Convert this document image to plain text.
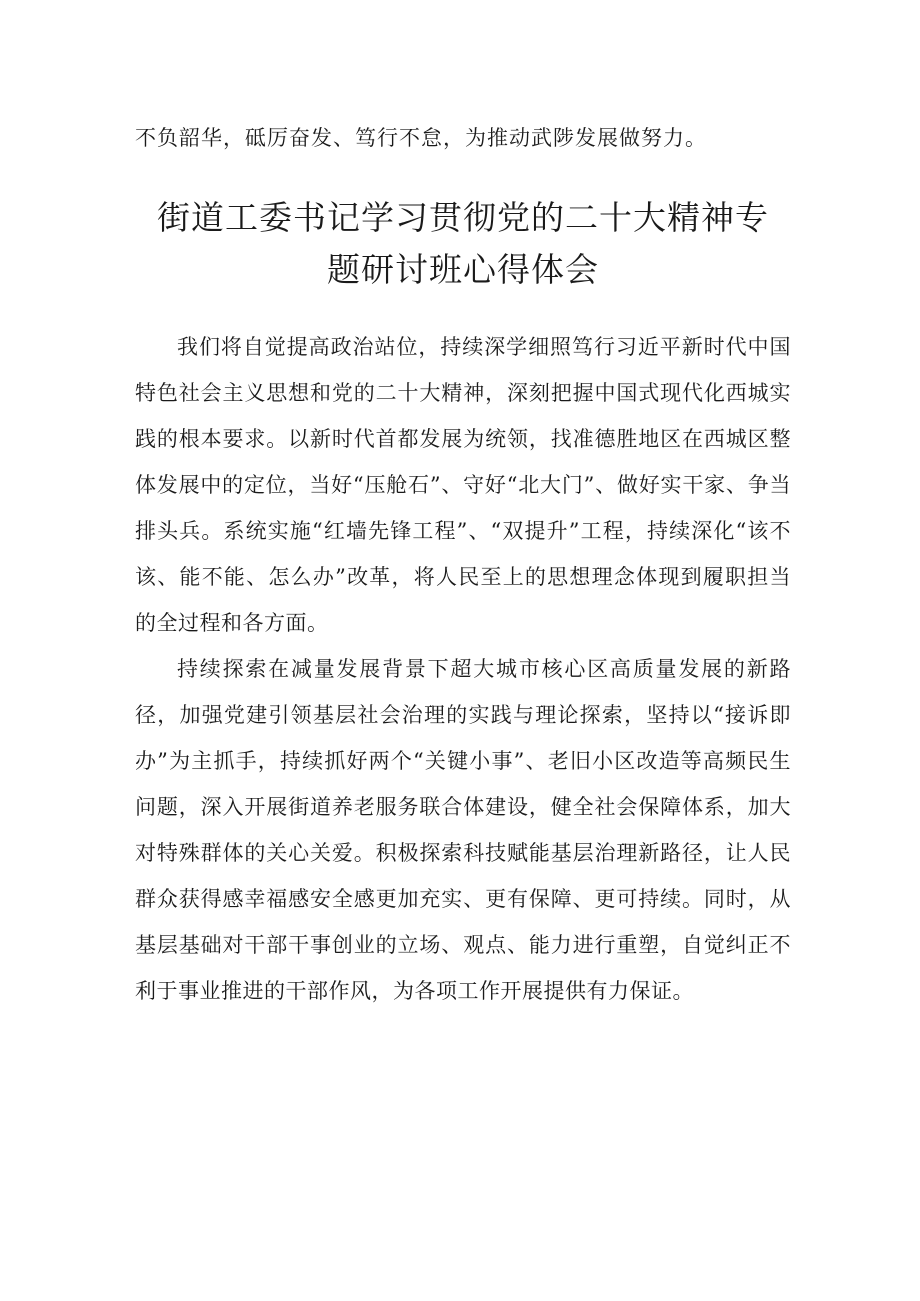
不负韶华，砥厉奋发、笃行不怠，为推动武陟发展做努力。

街道工委书记学习贯彻党的二十大精神专
题研讨班心得体会

我们将自觉提高政治站位，持续深学细照笃行习近平新时代中国特色社会主义思想和党的二十大精神，深刻把握中国式现代化西城实践的根本要求。以新时代首都发展为统领，找准德胜地区在西城区整体发展中的定位，当好“压舱石”、守好“北大门”、做好实干家、争当排头兵。系统实施“红墙先锋工程”、“双提升”工程，持续深化“该不该、能不能、怎么办”改革，将人民至上的思想理念体现到履职担当的全过程和各方面。

持续探索在减量发展背景下超大城市核心区高质量发展的新路径，加强党建引领基层社会治理的实践与理论探索，坚持以“接诉即办”为主抓手，持续抓好两个“关键小事”、老旧小区改造等高频民生问题，深入开展街道养老服务联合体建设，健全社会保障体系，加大对特殊群体的关心关爱。积极探索科技赋能基层治理新路径，让人民群众获得感幸福感安全感更加充实、更有保障、更可持续。同时，从基层基础对干部干事创业的立场、观点、能力进行重塑，自觉纠正不利于事业推进的干部作风，为各项工作开展提供有力保证。
